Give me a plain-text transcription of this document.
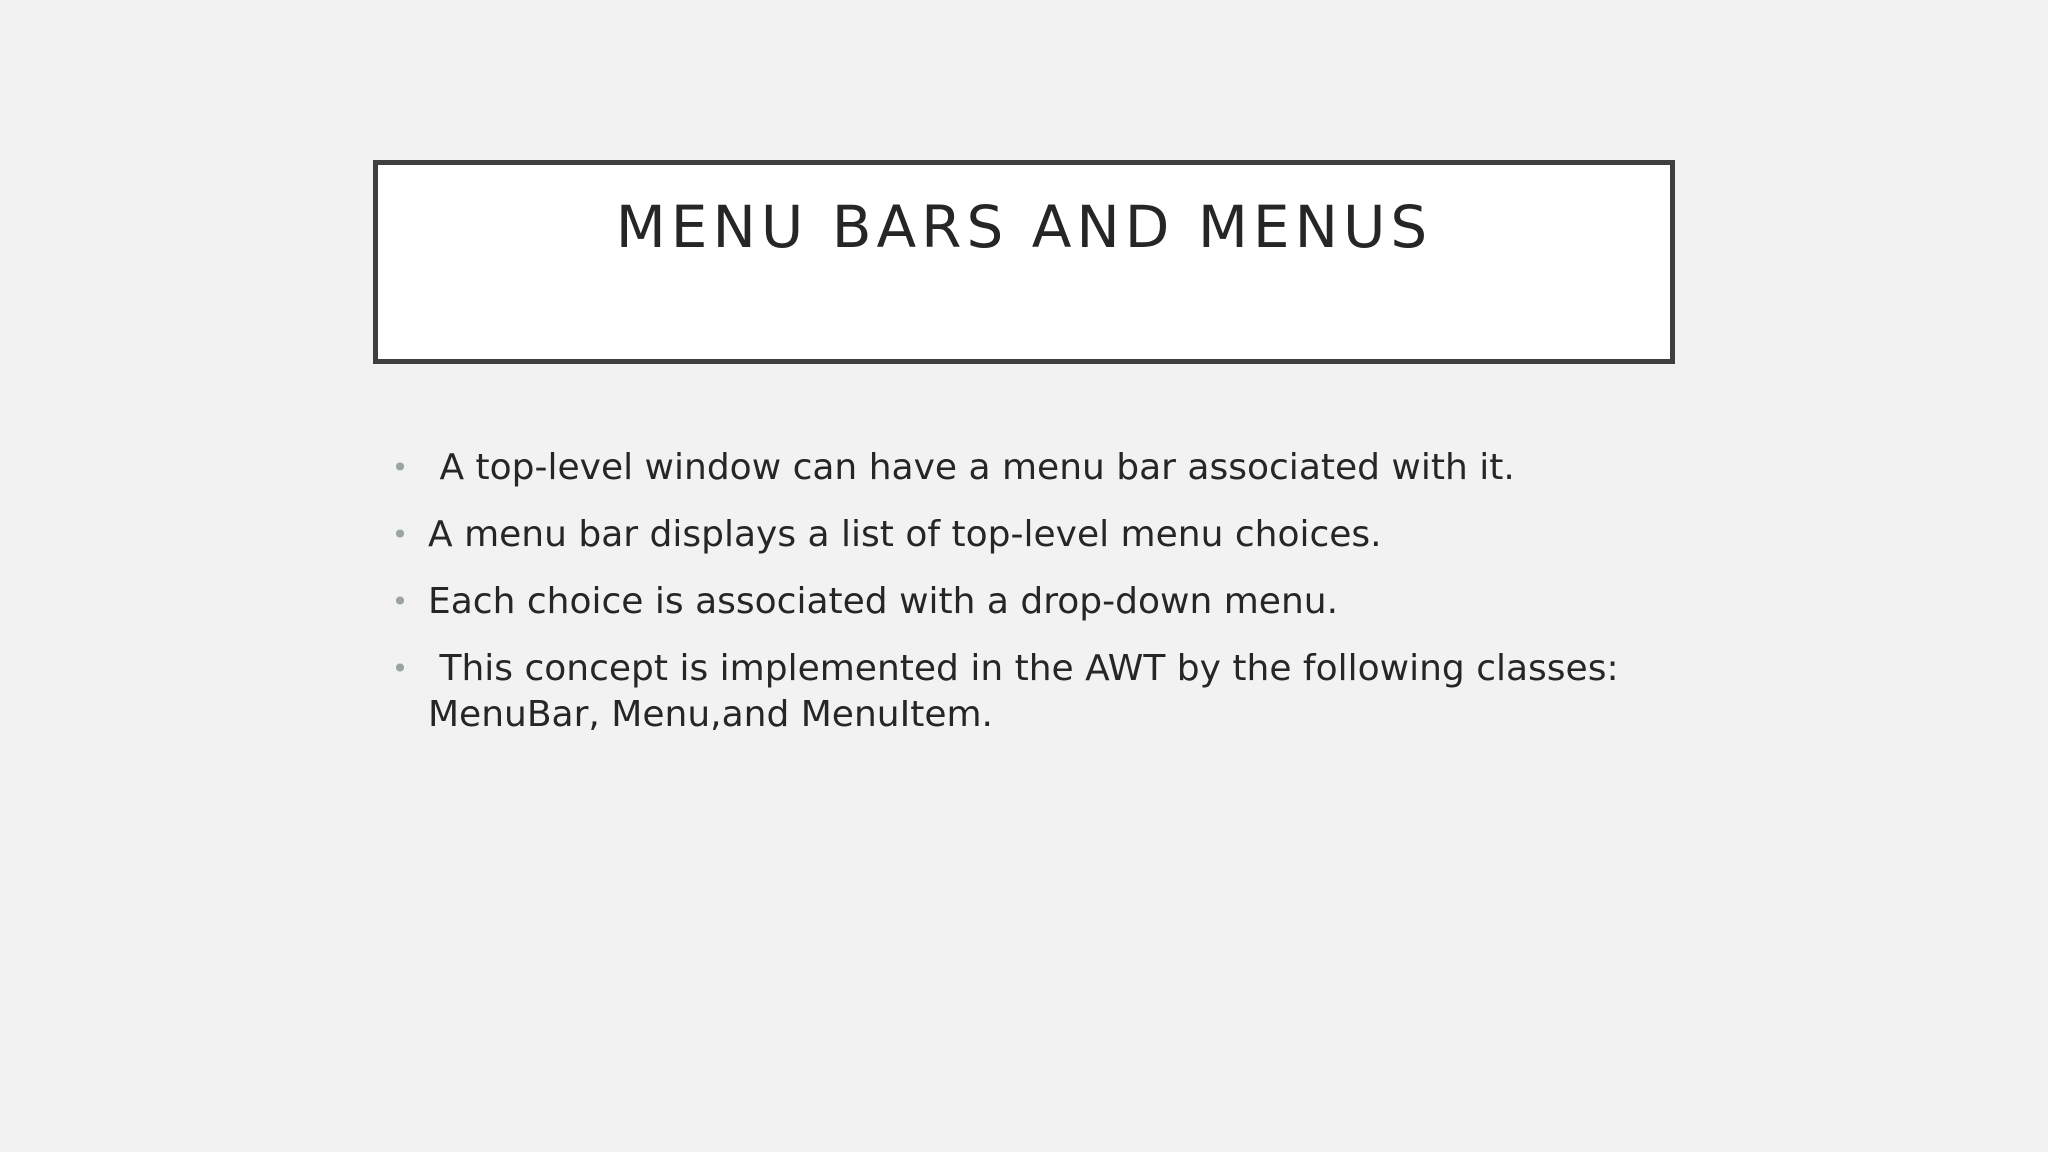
MENU BARS AND MENUS
• A top-level window can have a menu bar associated with it.
• A menu bar displays a list of top-level menu choices.
• Each choice is associated with a drop-down menu.
• This concept is implemented in the AWT by the following classes: MenuBar, Menu,and MenuItem.
